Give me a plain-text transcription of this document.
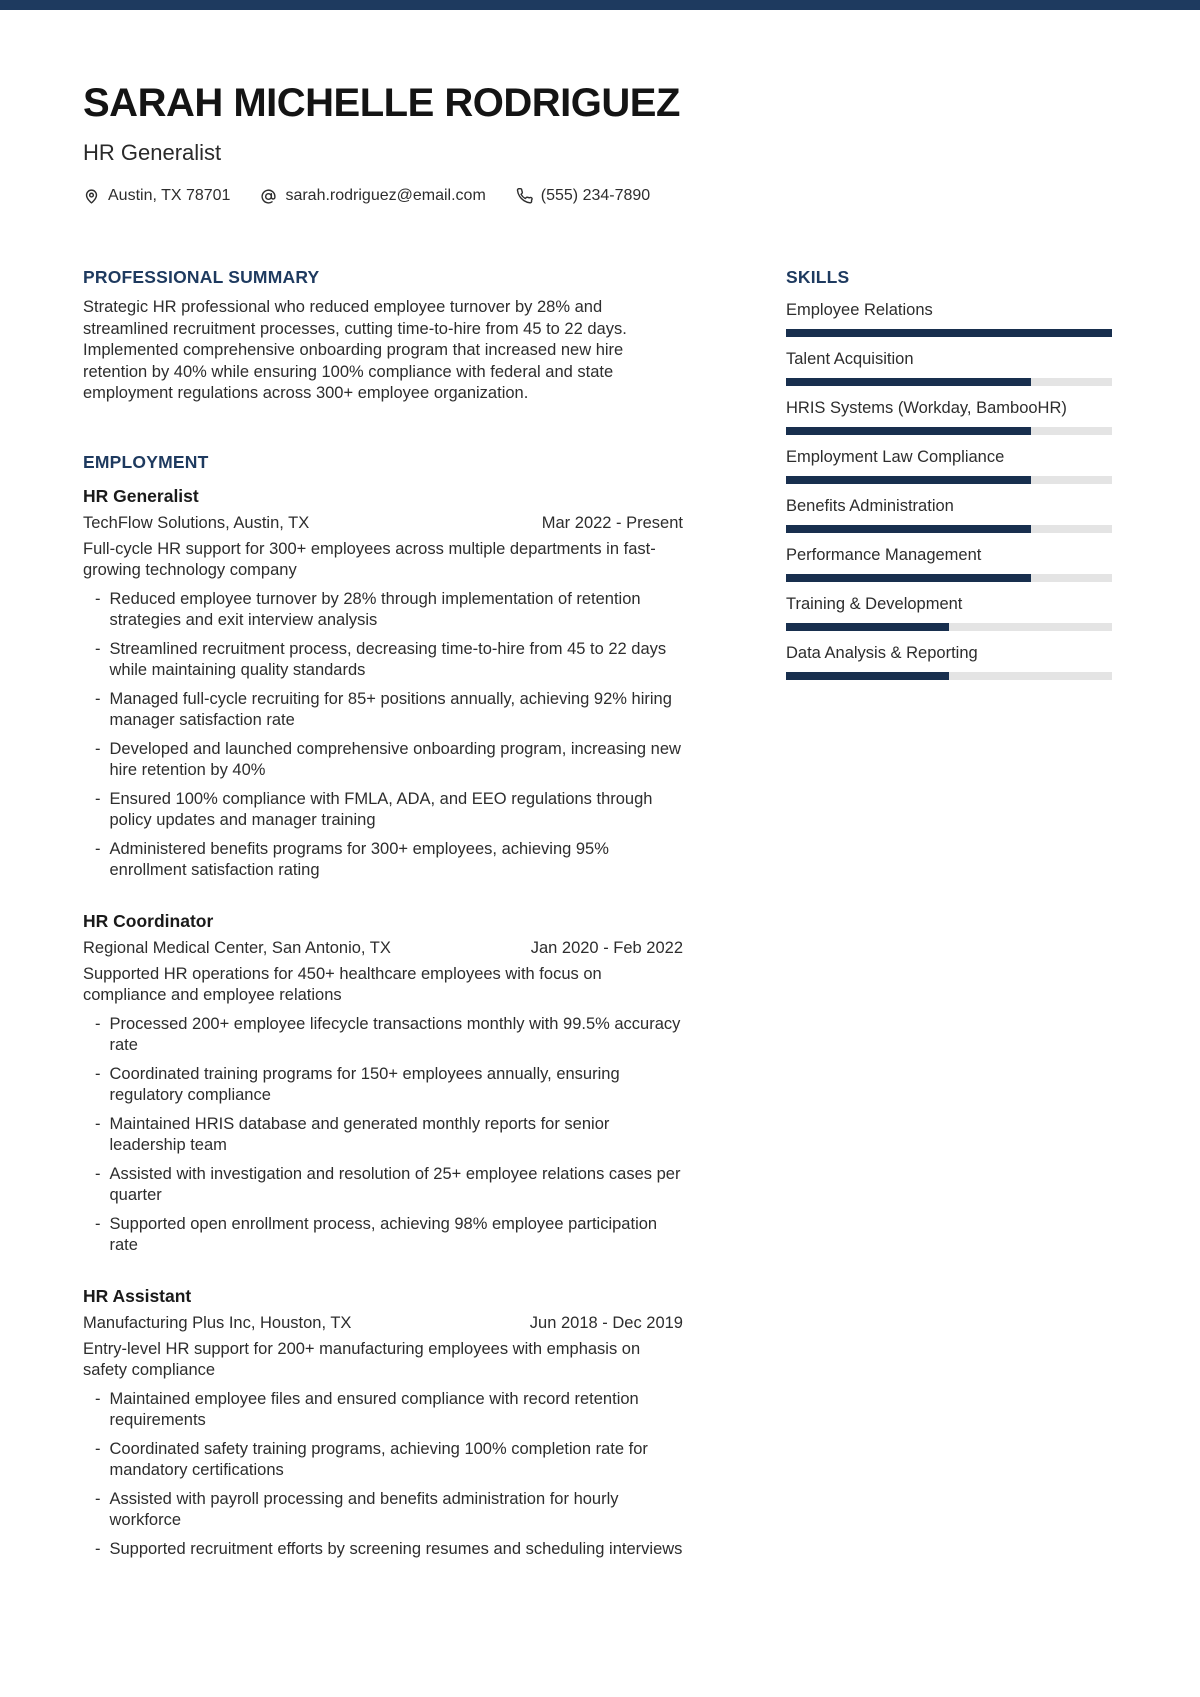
SARAH MICHELLE RODRIGUEZ
HR Generalist
Austin, TX 78701	sarah.rodriguez@email.com	(555) 234-7890
PROFESSIONAL SUMMARY

Strategic HR professional who reduced employee turnover by 28% and streamlined recruitment processes, cutting time-to-hire from 45 to 22 days. Implemented comprehensive onboarding program that increased new hire retention by 40% while ensuring 100% compliance with federal and state employment regulations across 300+ employee organization.

EMPLOYMENT
HR Generalist
TechFlow Solutions, Austin, TX	Mar 2022 - Present
Full-cycle HR support for 300+ employees across multiple departments in fast-growing technology company
- Reduced employee turnover by 28% through implementation of retention strategies and exit interview analysis
- Streamlined recruitment process, decreasing time-to-hire from 45 to 22 days while maintaining quality standards
- Managed full-cycle recruiting for 85+ positions annually, achieving 92% hiring manager satisfaction rate
- Developed and launched comprehensive onboarding program, increasing new hire retention by 40%
- Ensured 100% compliance with FMLA, ADA, and EEO regulations through policy updates and manager training
- Administered benefits programs for 300+ employees, achieving 95% enrollment satisfaction rating
HR Coordinator
Regional Medical Center, San Antonio, TX	Jan 2020 - Feb 2022
Supported HR operations for 450+ healthcare employees with focus on compliance and employee relations
- Processed 200+ employee lifecycle transactions monthly with 99.5% accuracy rate
- Coordinated training programs for 150+ employees annually, ensuring regulatory compliance
- Maintained HRIS database and generated monthly reports for senior leadership team
- Assisted with investigation and resolution of 25+ employee relations cases per quarter
- Supported open enrollment process, achieving 98% employee participation rate
HR Assistant
Manufacturing Plus Inc, Houston, TX	Jun 2018 - Dec 2019
Entry-level HR support for 200+ manufacturing employees with emphasis on safety compliance
- Maintained employee files and ensured compliance with record retention requirements
- Coordinated safety training programs, achieving 100% completion rate for mandatory certifications
- Assisted with payroll processing and benefits administration for hourly workforce
- Supported recruitment efforts by screening resumes and scheduling interviews
SKILLS
Employee Relations
Talent Acquisition
HRIS Systems (Workday, BambooHR)
Employment Law Compliance
Benefits Administration
Performance Management
Training & Development
Data Analysis & Reporting
